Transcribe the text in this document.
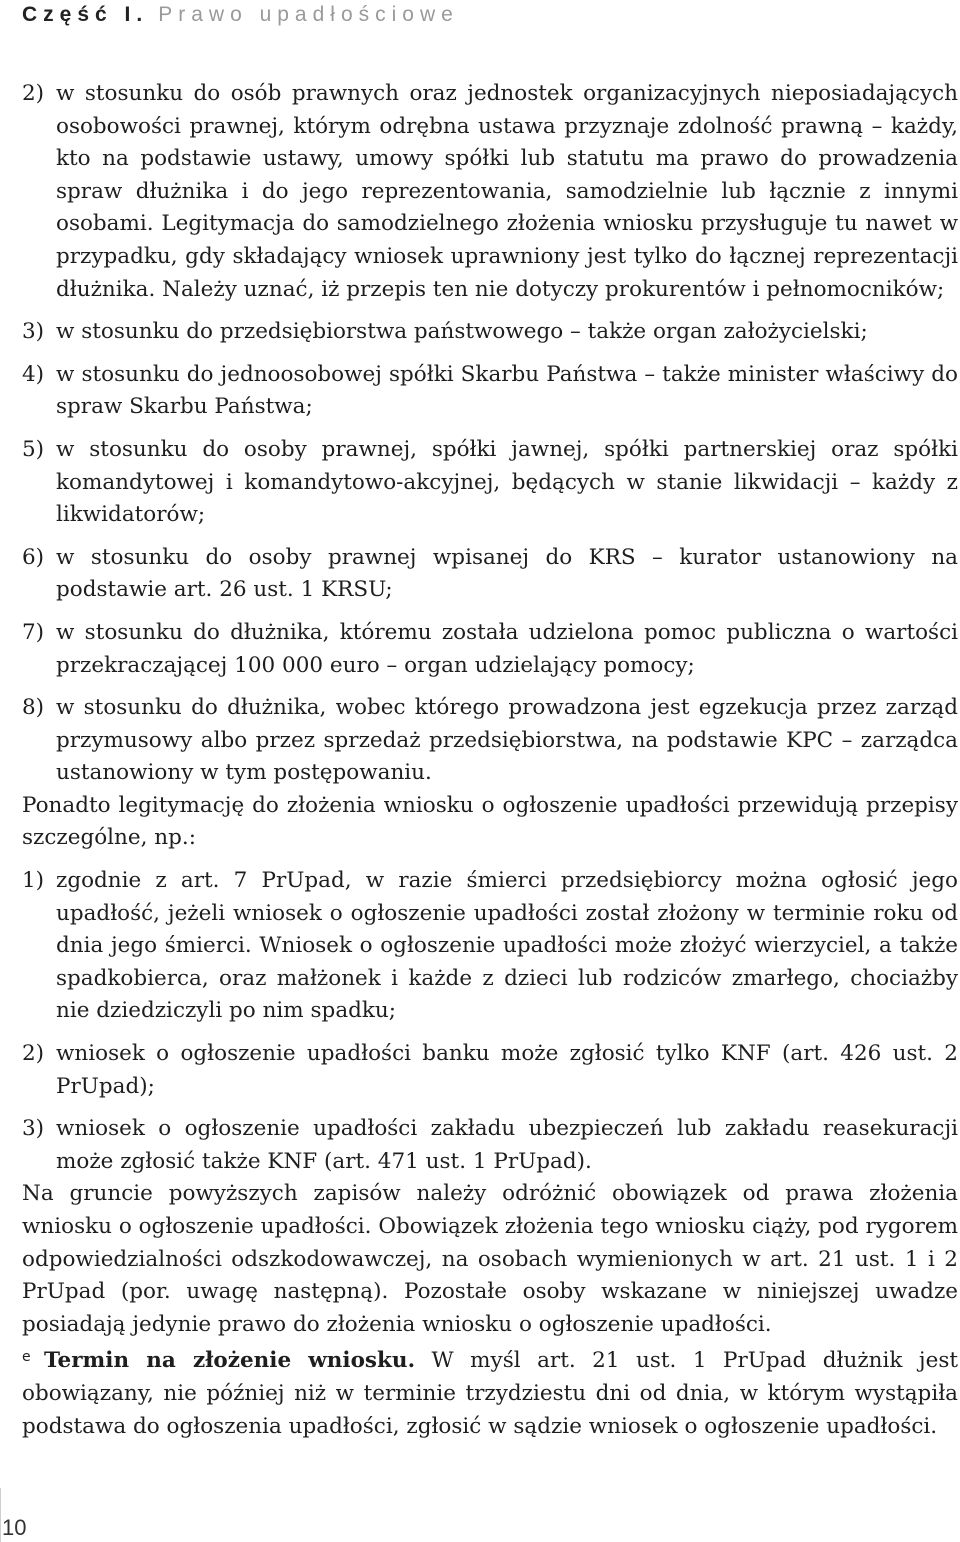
Część I. Prawo upadłościowe
2) w stosunku do osób prawnych oraz jednostek organizacyjnych nieposiadających osobowości prawnej, którym odrębna ustawa przyznaje zdolność prawną – każdy, kto na podstawie ustawy, umowy spółki lub statutu ma prawo do prowadzenia spraw dłużnika i do jego reprezentowania, samodzielnie lub łącznie z innymi osobami. Legitymacja do samodzielnego złożenia wniosku przysługuje tu nawet w przypadku, gdy składający wniosek uprawniony jest tylko do łącznej reprezentacji dłużnika. Należy uznać, iż przepis ten nie dotyczy prokurentów i pełnomocników;
3) w stosunku do przedsiębiorstwa państwowego – także organ założycielski;
4) w stosunku do jednoosobowej spółki Skarbu Państwa – także minister właściwy do spraw Skarbu Państwa;
5) w stosunku do osoby prawnej, spółki jawnej, spółki partnerskiej oraz spółki komandytowej i komandytowo-akcyjnej, będących w stanie likwidacji – każdy z likwidatorów;
6) w stosunku do osoby prawnej wpisanej do KRS – kurator ustanowiony na podstawie art. 26 ust. 1 KRSU;
7) w stosunku do dłużnika, któremu została udzielona pomoc publiczna o wartości przekraczającej 100 000 euro – organ udzielający pomocy;
8) w stosunku do dłużnika, wobec którego prowadzona jest egzekucja przez zarząd przymusowy albo przez sprzedaż przedsiębiorstwa, na podstawie KPC – zarządca ustanowiony w tym postępowaniu.

Ponadto legitymację do złożenia wniosku o ogłoszenie upadłości przewidują przepisy szczególne, np.:

1) zgodnie z art. 7 PrUpad, w razie śmierci przedsiębiorcy można ogłosić jego upadłość, jeżeli wniosek o ogłoszenie upadłości został złożony w terminie roku od dnia jego śmierci. Wniosek o ogłoszenie upadłości może złożyć wierzyciel, a także spadkobierca, oraz małżonek i każde z dzieci lub rodziców zmarłego, chociażby nie dziedziczyli po nim spadku;
2) wniosek o ogłoszenie upadłości banku może zgłosić tylko KNF (art. 426 ust. 2 PrUpad);
3) wniosek o ogłoszenie upadłości zakładu ubezpieczeń lub zakładu reasekuracji może zgłosić także KNF (art. 471 ust. 1 PrUpad).

Na gruncie powyższych zapisów należy odróżnić obowiązek od prawa złożenia wniosku o ogłoszenie upadłości. Obowiązek złożenia tego wniosku ciąży, pod rygorem odpowiedzialności odszkodowawczej, na osobach wymienionych w art. 21 ust. 1 i 2 PrUpad (por. uwagę następną). Pozostałe osoby wskazane w niniejszej uwadze posiadają jedynie prawo do złożenia wniosku o ogłoszenie upadłości.

e Termin na złożenie wniosku. W myśl art. 21 ust. 1 PrUpad dłużnik jest obowiązany, nie później niż w terminie trzydziestu dni od dnia, w którym wystąpiła podstawa do ogłoszenia upadłości, zgłosić w sądzie wniosek o ogłoszenie upadłości.

10
